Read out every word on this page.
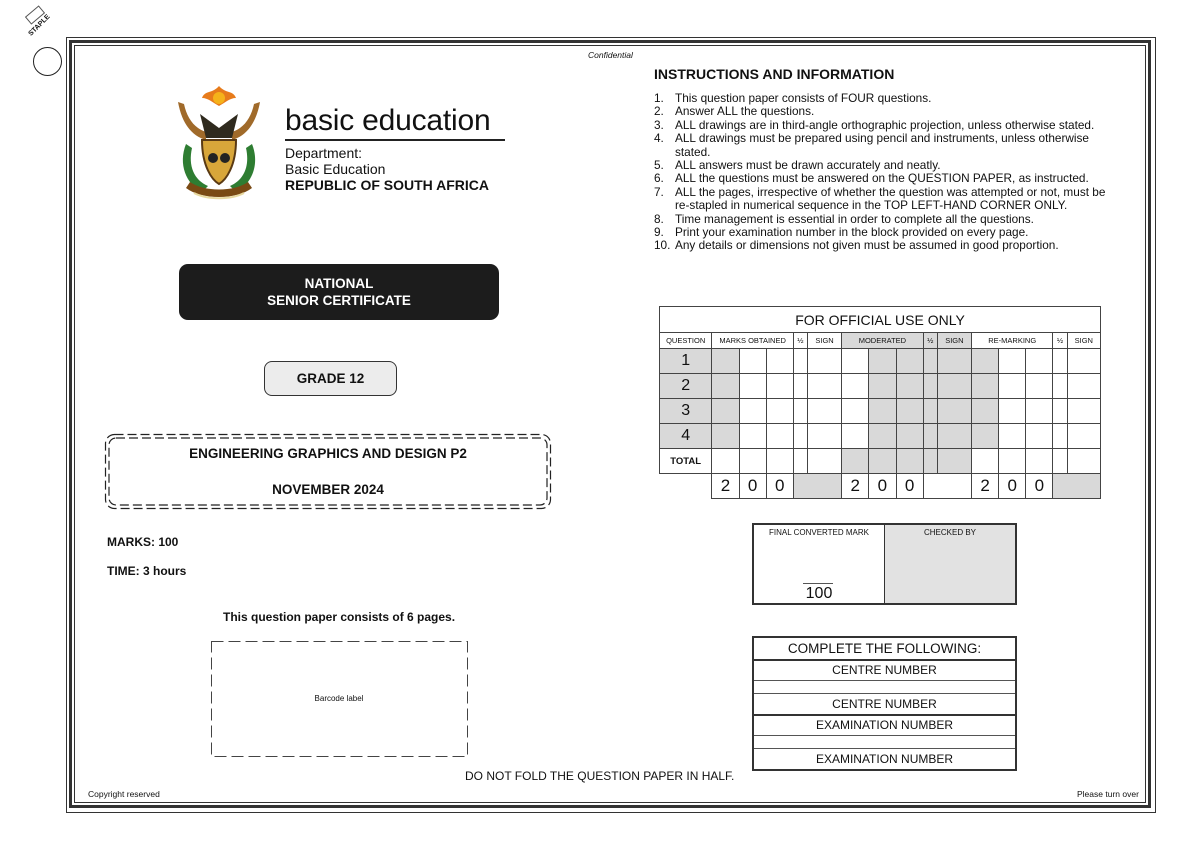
STAPLE
Confidential
basic education
Department:
Basic Education
REPUBLIC OF SOUTH AFRICA
NATIONAL
SENIOR CERTIFICATE
GRADE 12
ENGINEERING GRAPHICS AND DESIGN P2
NOVEMBER 2024
MARKS: 100
TIME: 3 hours
This question paper consists of 6 pages.
Barcode label
DO NOT FOLD THE QUESTION PAPER IN HALF.
Copyright reserved	Please turn over
INSTRUCTIONS AND INFORMATION
1. This question paper consists of FOUR questions.
2. Answer ALL the questions.
3. ALL drawings are in third-angle orthographic projection, unless otherwise stated.
4. ALL drawings must be prepared using pencil and instruments, unless otherwise stated.
5. ALL answers must be drawn accurately and neatly.
6. ALL the questions must be answered on the QUESTION PAPER, as instructed.
7. ALL the pages, irrespective of whether the question was attempted or not, must be re-stapled in numerical sequence in the TOP LEFT-HAND CORNER ONLY.
8. Time management is essential in order to complete all the questions.
9. Print your examination number in the block provided on every page.
10. Any details or dimensions not given must be assumed in good proportion.
FOR OFFICIAL USE ONLY															
QUESTION	MARKS OBTAINED			½	SIGN	MODERATED			½	SIGN	RE-MARKING			½	SIGN
1															
2															
3															
4															
TOTAL															
	2	0	0			2	0	0			2	0	0		
FINAL CONVERTED MARK	CHECKED BY
100
COMPLETE THE FOLLOWING:
CENTRE NUMBER
CENTRE NUMBER
EXAMINATION NUMBER
EXAMINATION NUMBER
